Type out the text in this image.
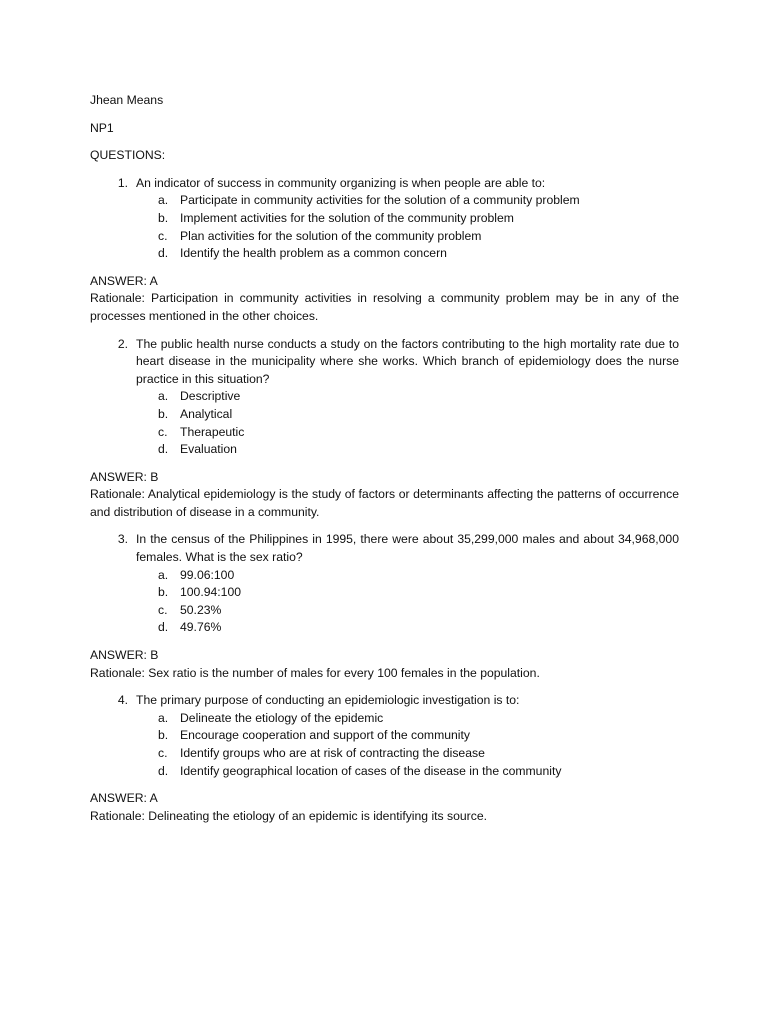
Jhean Means
NP1
QUESTIONS:
1. An indicator of success in community organizing is when people are able to:
a. Participate in community activities for the solution of a community problem
b. Implement activities for the solution of the community problem
c.	Plan activities for the solution of the community problem
d. Identify the health problem as a common concern
ANSWER: A
Rationale: Participation in community activities in resolving a community problem may be in any of the processes mentioned in the other choices.
2. The public health nurse conducts a study on the factors contributing to the high mortality rate due to heart disease in the municipality where she works. Which branch of epidemiology does the nurse practice in this situation?
a. Descriptive
b. Analytical
c.	Therapeutic
d. Evaluation
ANSWER: B
Rationale: Analytical epidemiology is the study of factors or determinants affecting the patterns of occurrence and distribution of disease in a community.
3. In the census of the Philippines in 1995, there were about 35,299,000 males and about 34,968,000 females. What is the sex ratio?
a. 99.06:100
b. 100.94:100
c.	50.23%
d. 49.76%
ANSWER: B
Rationale: Sex ratio is the number of males for every 100 females in the population.
4. The primary purpose of conducting an epidemiologic investigation is to:
a. Delineate the etiology of the epidemic
b. Encourage cooperation and support of the community
c.	Identify groups who are at risk of contracting the disease
d. Identify geographical location of cases of the disease in the community
ANSWER: A
Rationale: Delineating the etiology of an epidemic is identifying its source.
